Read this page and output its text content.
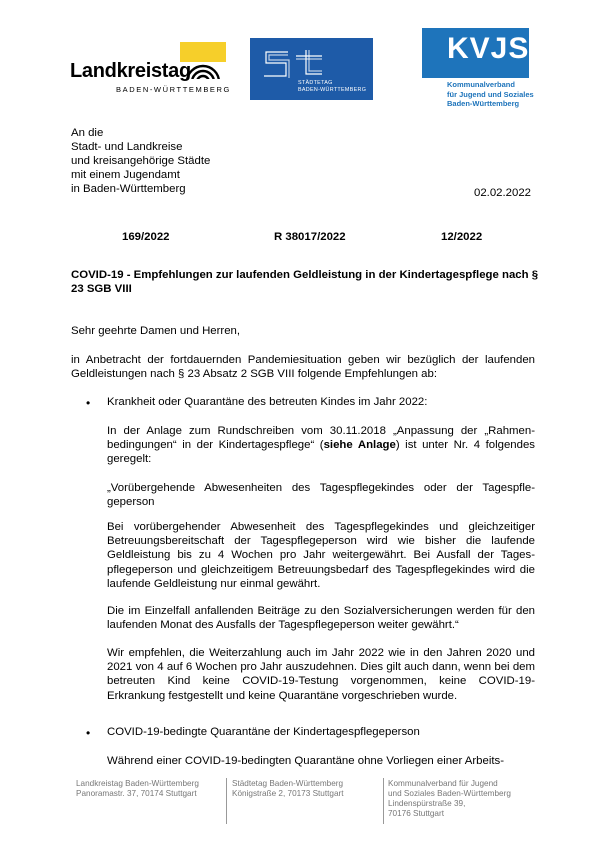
Landkreistag
BADEN-WÜRTTEMBERG
STÄDTETAG
BADEN-WÜRTTEMBERG
KVJS
Kommunalverband
für Jugend und Soziales
Baden-Württemberg
An die
Stadt- und Landkreise
und kreisangehörige Städte
mit einem Jugendamt
in Baden-Württemberg	02.02.2022
169/2022	R 38017/2022	12/2022
COVID-19 - Empfehlungen zur laufenden Geldleistung in der Kindertagespflege nach § 23 SGB VIII
Sehr geehrte Damen und Herren,
in Anbetracht der fortdauernden Pandemiesituation geben wir bezüglich der laufenden Geldleistungen nach § 23 Absatz 2 SGB VIII folgende Empfehlungen ab:
• Krankheit oder Quarantäne des betreuten Kindes im Jahr 2022:
In der Anlage zum Rundschreiben vom 30.11.2018 „Anpassung der „Rahmenbedingungen“ in der Kindertagespflege“ (siehe Anlage) ist unter Nr. 4 folgendes geregelt:
„Vorübergehende Abwesenheiten des Tagespflegekindes oder der Tagespflegeperson
Bei vorübergehender Abwesenheit des Tagespflegekindes und gleichzeitiger Betreuungsbereitschaft der Tagespflegeperson wird wie bisher die laufende Geldleistung bis zu 4 Wochen pro Jahr weitergewährt. Bei Ausfall der Tagespflegeperson und gleichzeitigem Betreuungsbedarf des Tagespflegekindes wird die laufende Geldleistung nur einmal gewährt.
Die im Einzelfall anfallenden Beiträge zu den Sozialversicherungen werden für den laufenden Monat des Ausfalls der Tagespflegeperson weiter gewährt.“
Wir empfehlen, die Weiterzahlung auch im Jahr 2022 wie in den Jahren 2020 und 2021 von 4 auf 6 Wochen pro Jahr auszudehnen. Dies gilt auch dann, wenn bei dem betreuten Kind keine COVID-19-Testung vorgenommen, keine COVID-19-Erkrankung festgestellt und keine Quarantäne vorgeschrieben wurde.
• COVID-19-bedingte Quarantäne der Kindertagespflegeperson
Während einer COVID-19-bedingten Quarantäne ohne Vorliegen einer Arbeits-
Landkreistag Baden-Württemberg
Panoramastr. 37, 70174 Stuttgart
Städtetag Baden-Württemberg
Königstraße 2, 70173 Stuttgart
Kommunalverband für Jugend
und Soziales Baden-Württemberg
Lindenspürstraße 39,
70176 Stuttgart
